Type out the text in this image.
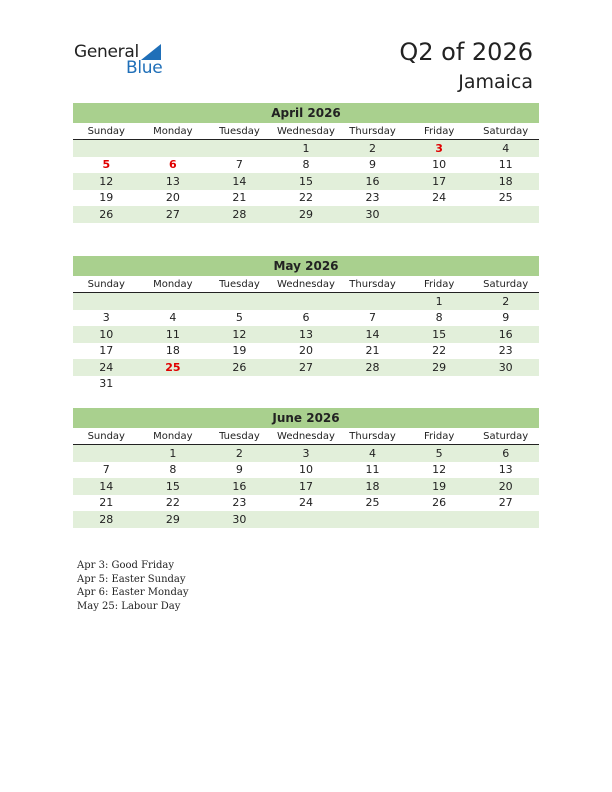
General
Blue
Q2 of 2026
Jamaica
April 2026
Sunday	Monday	Tuesday	Wednesday	Thursday	Friday	Saturday
			1	2	3	4
5	6	7	8	9	10	11
12	13	14	15	16	17	18
19	20	21	22	23	24	25
26	27	28	29	30		
May 2026
Sunday	Monday	Tuesday	Wednesday	Thursday	Friday	Saturday
					1	2
3	4	5	6	7	8	9
10	11	12	13	14	15	16
17	18	19	20	21	22	23
24	25	26	27	28	29	30
31						
June 2026
Sunday	Monday	Tuesday	Wednesday	Thursday	Friday	Saturday
	1	2	3	4	5	6
7	8	9	10	11	12	13
14	15	16	17	18	19	20
21	22	23	24	25	26	27
28	29	30				
Apr 3: Good Friday
Apr 5: Easter Sunday
Apr 6: Easter Monday
May 25: Labour Day
